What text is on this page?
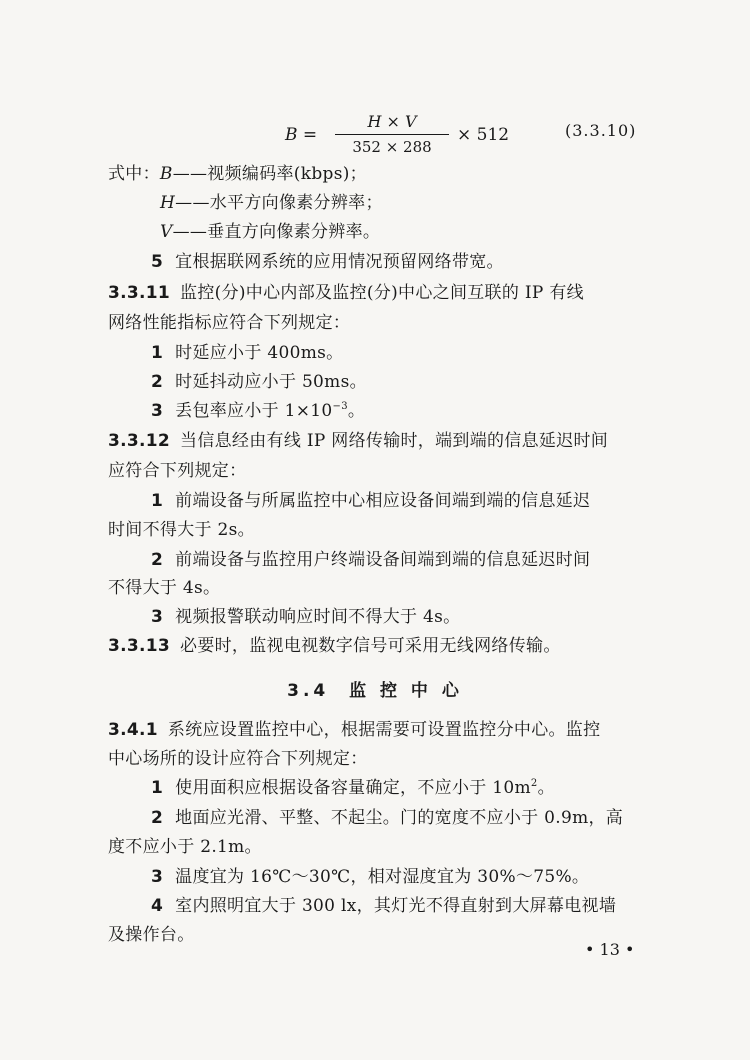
B =
H × V
352 × 288
× 512	(3.3.10)
式中：B——视频编码率(kbps)；
H——水平方向像素分辨率；
V——垂直方向像素分辨率。
5 宜根据联网系统的应用情况预留网络带宽。
3.3.11 监控(分)中心内部及监控(分)中心之间互联的 IP 有线
网络性能指标应符合下列规定：
1 时延应小于 400ms。
2 时延抖动应小于 50ms。
3 丢包率应小于 $1\times 10^{-3}$。
3.3.12 当信息经由有线 IP 网络传输时，端到端的信息延迟时间
应符合下列规定：
1 前端设备与所属监控中心相应设备间端到端的信息延迟
时间不得大于 2s。
2 前端设备与监控用户终端设备间端到端的信息延迟时间
不得大于 4s。
3 视频报警联动响应时间不得大于 4s。
3.3.13 必要时，监视电视数字信号可采用无线网络传输。
3.4 监 控 中 心
3.4.1 系统应设置监控中心，根据需要可设置监控分中心。监控
中心场所的设计应符合下列规定：
1 使用面积应根据设备容量确定，不应小于 $10m^2$。
2 地面应光滑、平整、不起尘。门的宽度不应小于 0.9m，高
度不应小于 2.1m。
3 温度宜为 16℃～30℃，相对湿度宜为 30%～75%。
4 室内照明宜大于 300 lx，其灯光不得直射到大屏幕电视墙
及操作台。
• 13 •
